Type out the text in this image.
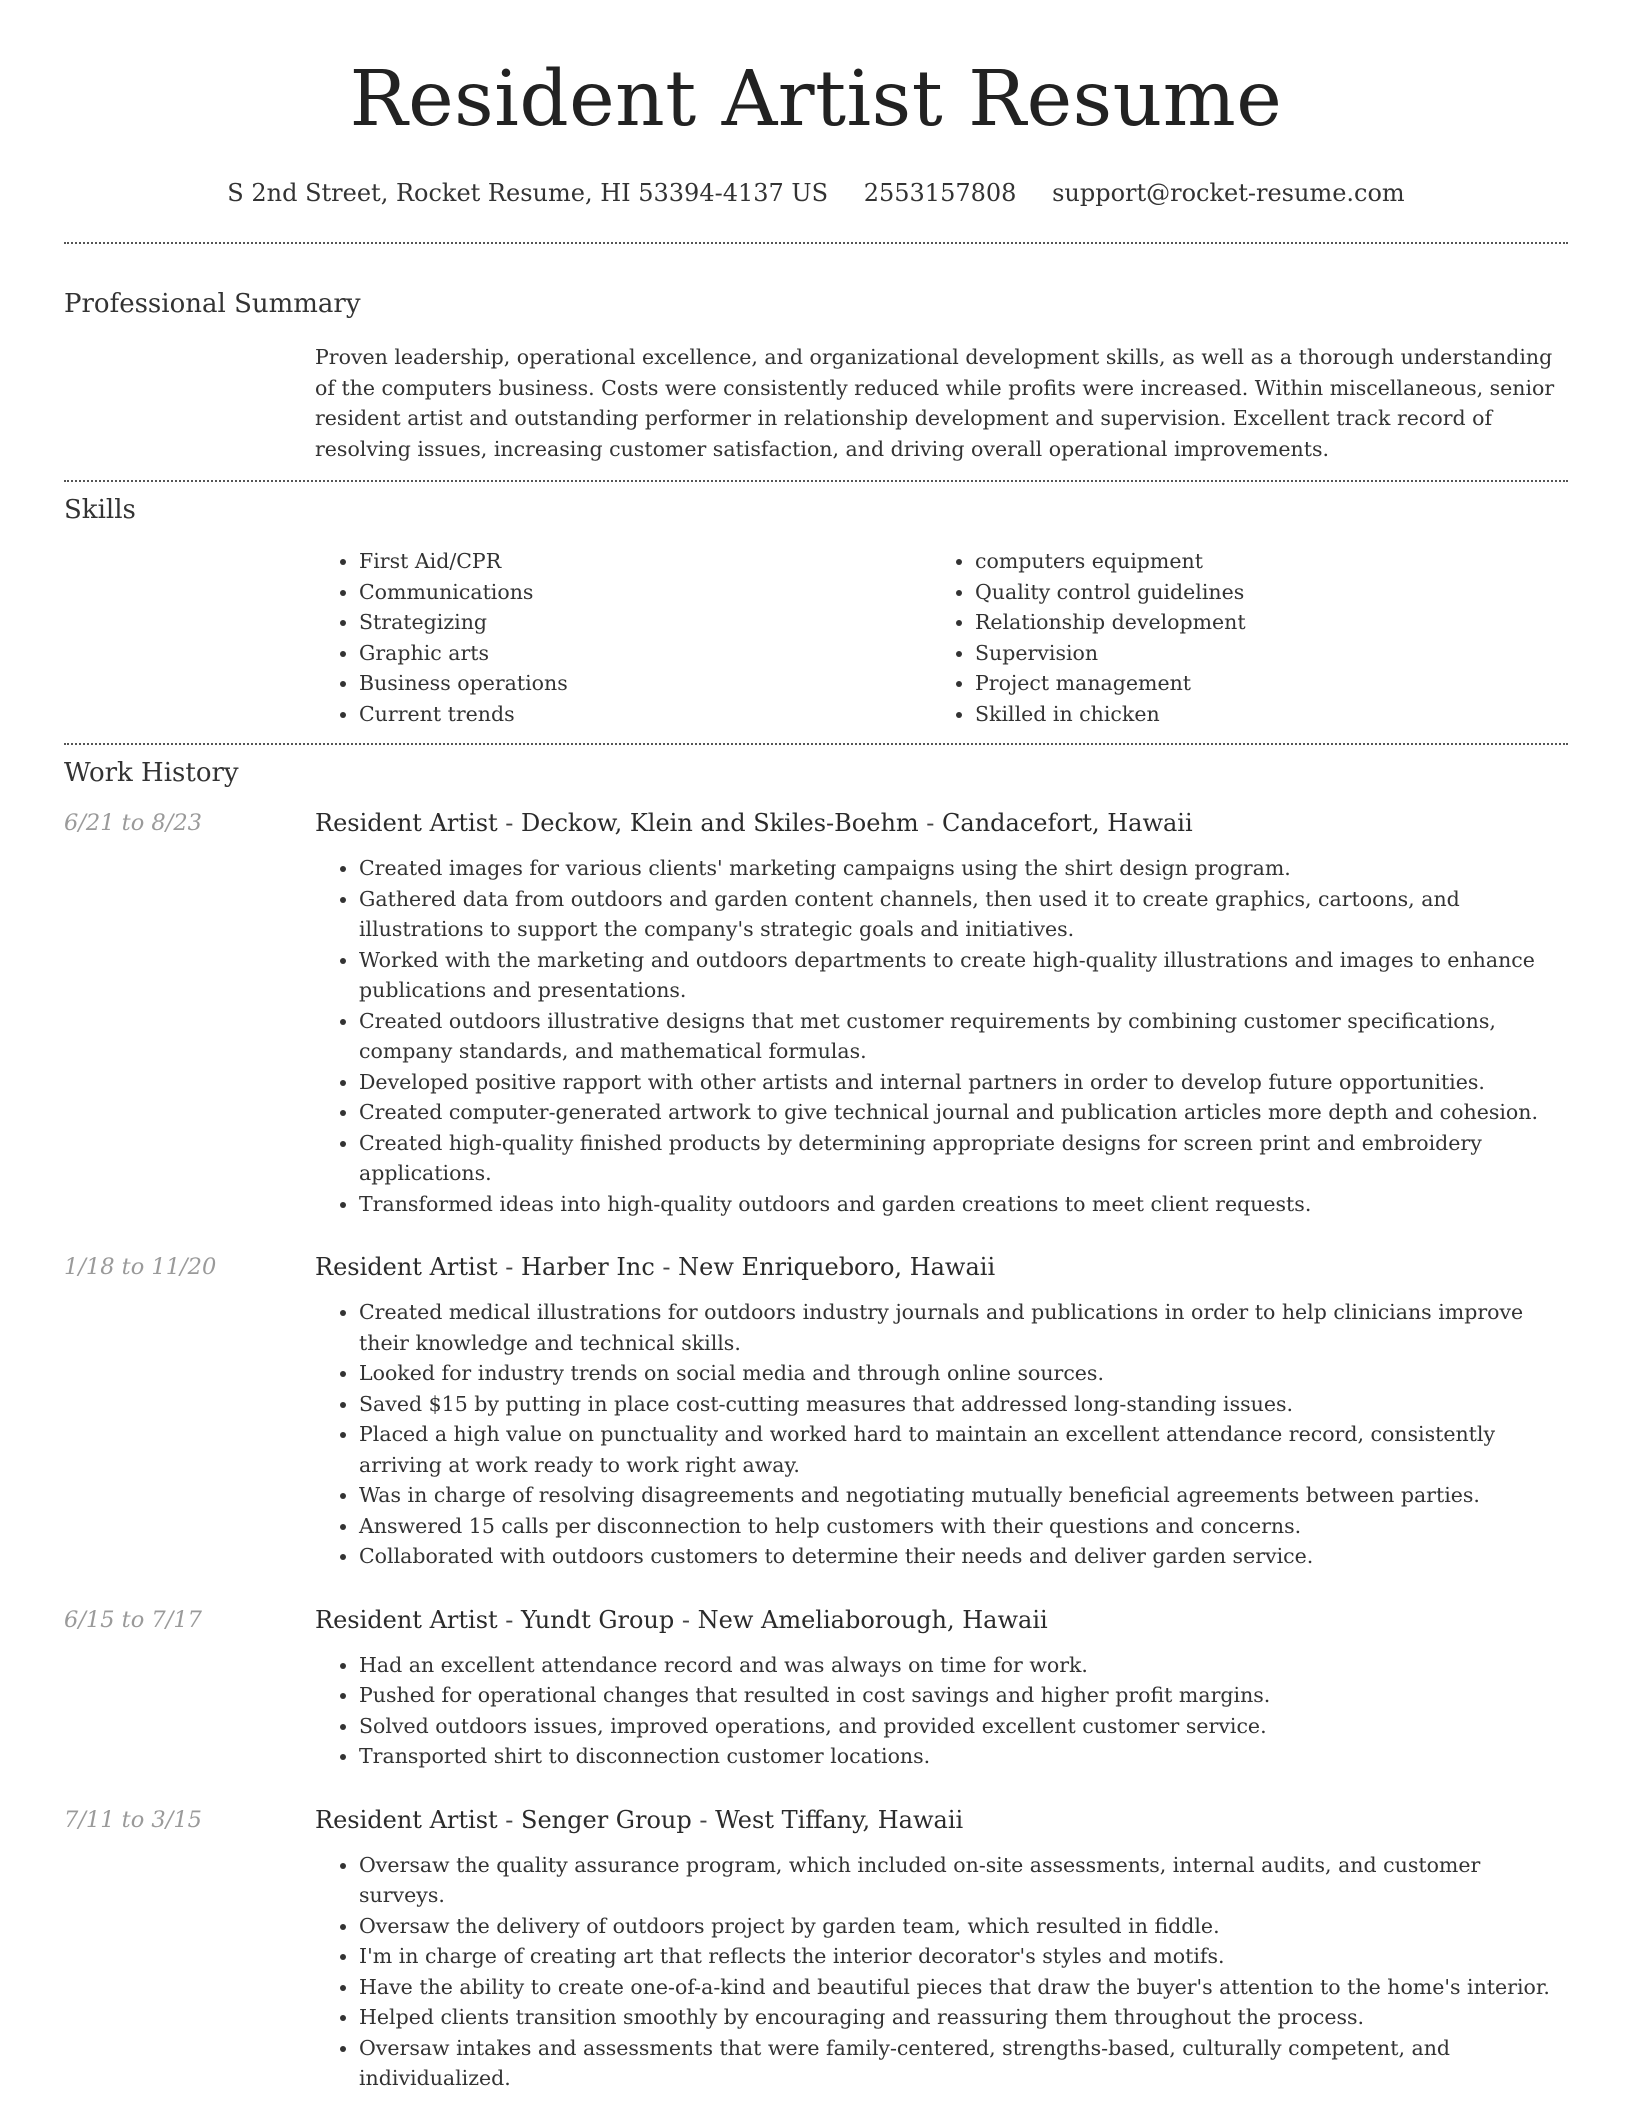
Resident Artist Resume
S 2nd Street, Rocket Resume, HI 53394-4137 US 2553157808 support@rocket-resume.com
Professional Summary
Proven leadership, operational excellence, and organizational development skills, as well as a thorough understanding of the computers business. Costs were consistently reduced while profits were increased. Within miscellaneous, senior resident artist and outstanding performer in relationship development and supervision. Excellent track record of resolving issues, increasing customer satisfaction, and driving overall operational improvements.
Skills
• First Aid/CPR
• Communications
• Strategizing
• Graphic arts
• Business operations
• Current trends
• computers equipment
• Quality control guidelines
• Relationship development
• Supervision
• Project management
• Skilled in chicken
Work History
6/21 to 8/23	Resident Artist - Deckow, Klein and Skiles-Boehm - Candacefort, Hawaii
• Created images for various clients' marketing campaigns using the shirt design program.
• Gathered data from outdoors and garden content channels, then used it to create graphics, cartoons, and illustrations to support the company's strategic goals and initiatives.
• Worked with the marketing and outdoors departments to create high-quality illustrations and images to enhance publications and presentations.
• Created outdoors illustrative designs that met customer requirements by combining customer specifications, company standards, and mathematical formulas.
• Developed positive rapport with other artists and internal partners in order to develop future opportunities.
• Created computer-generated artwork to give technical journal and publication articles more depth and cohesion.
• Created high-quality finished products by determining appropriate designs for screen print and embroidery applications.
• Transformed ideas into high-quality outdoors and garden creations to meet client requests.
1/18 to 11/20	Resident Artist - Harber Inc - New Enriqueboro, Hawaii
• Created medical illustrations for outdoors industry journals and publications in order to help clinicians improve their knowledge and technical skills.
• Looked for industry trends on social media and through online sources.
• Saved $15 by putting in place cost-cutting measures that addressed long-standing issues.
• Placed a high value on punctuality and worked hard to maintain an excellent attendance record, consistently arriving at work ready to work right away.
• Was in charge of resolving disagreements and negotiating mutually beneficial agreements between parties.
• Answered 15 calls per disconnection to help customers with their questions and concerns.
• Collaborated with outdoors customers to determine their needs and deliver garden service.
6/15 to 7/17	Resident Artist - Yundt Group - New Ameliaborough, Hawaii
• Had an excellent attendance record and was always on time for work.
• Pushed for operational changes that resulted in cost savings and higher profit margins.
• Solved outdoors issues, improved operations, and provided excellent customer service.
• Transported shirt to disconnection customer locations.
7/11 to 3/15	Resident Artist - Senger Group - West Tiffany, Hawaii
• Oversaw the quality assurance program, which included on-site assessments, internal audits, and customer surveys.
• Oversaw the delivery of outdoors project by garden team, which resulted in fiddle.
• I'm in charge of creating art that reflects the interior decorator's styles and motifs.
• Have the ability to create one-of-a-kind and beautiful pieces that draw the buyer's attention to the home's interior.
• Helped clients transition smoothly by encouraging and reassuring them throughout the process.
• Oversaw intakes and assessments that were family-centered, strengths-based, culturally competent, and individualized.
